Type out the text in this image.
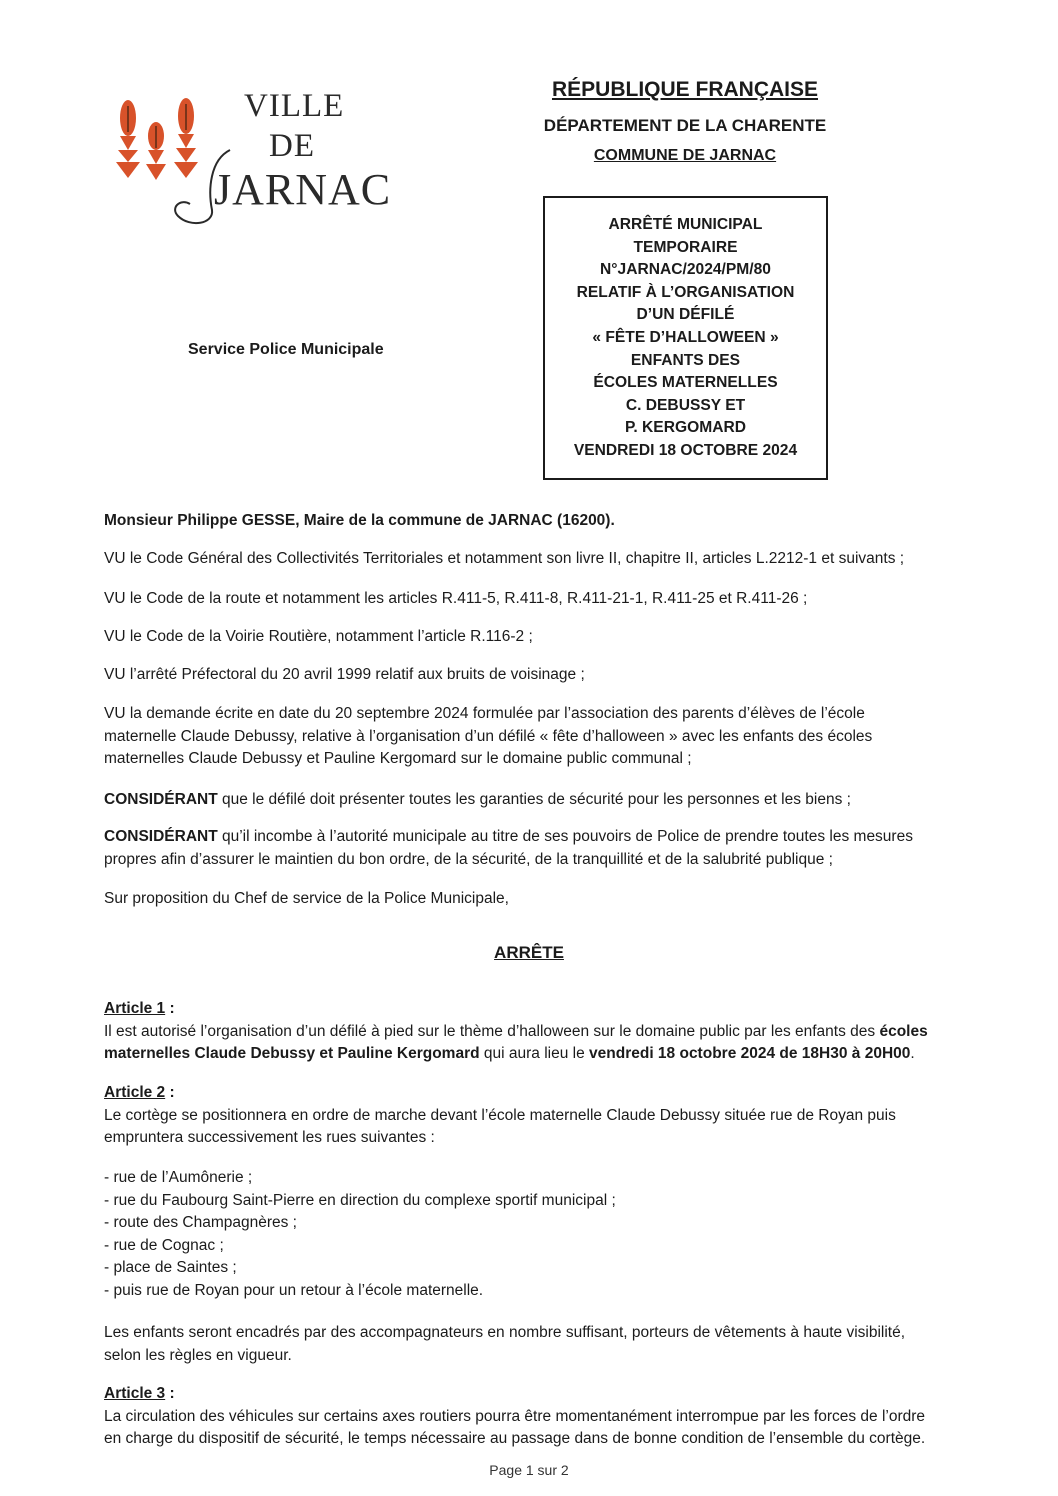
VILLE
DE
JARNAC
RÉPUBLIQUE FRANÇAISE
DÉPARTEMENT DE LA CHARENTE
COMMUNE DE JARNAC
ARRÊTÉ MUNICIPAL
TEMPORAIRE
N°JARNAC/2024/PM/80
RELATIF À L’ORGANISATION
D’UN DÉFILÉ
« FÊTE D’HALLOWEEN »
ENFANTS DES
ÉCOLES MATERNELLES
C. DEBUSSY ET
P. KERGOMARD
VENDREDI 18 OCTOBRE 2024
Service Police Municipale
Monsieur Philippe GESSE, Maire de la commune de JARNAC (16200).
VU le Code Général des Collectivités Territoriales et notamment son livre II, chapitre II, articles L.2212-1 et suivants ;
VU le Code de la route et notamment les articles R.411-5, R.411-8, R.411-21-1, R.411-25 et R.411-26 ;
VU le Code de la Voirie Routière, notamment l’article R.116-2 ;
VU l’arrêté Préfectoral du 20 avril 1999 relatif aux bruits de voisinage ;
VU la demande écrite en date du 20 septembre 2024 formulée par l’association des parents d’élèves de l’école
maternelle Claude Debussy, relative à l’organisation d’un défilé « fête d’halloween » avec les enfants des écoles
maternelles Claude Debussy et Pauline Kergomard sur le domaine public communal ;
CONSIDÉRANT que le défilé doit présenter toutes les garanties de sécurité pour les personnes et les biens ;
CONSIDÉRANT qu’il incombe à l’autorité municipale au titre de ses pouvoirs de Police de prendre toutes les mesures
propres afin d’assurer le maintien du bon ordre, de la sécurité, de la tranquillité et de la salubrité publique ;
Sur proposition du Chef de service de la Police Municipale,
ARRÊTE
Article 1 :
Il est autorisé l’organisation d’un défilé à pied sur le thème d’halloween sur le domaine public par les enfants des écoles
maternelles Claude Debussy et Pauline Kergomard qui aura lieu le vendredi 18 octobre 2024 de 18H30 à 20H00.
Article 2 :
Le cortège se positionnera en ordre de marche devant l’école maternelle Claude Debussy située rue de Royan puis
empruntera successivement les rues suivantes :
- rue de l’Aumônerie ;
- rue du Faubourg Saint-Pierre en direction du complexe sportif municipal ;
- route des Champagnères ;
- rue de Cognac ;
- place de Saintes ;
- puis rue de Royan pour un retour à l’école maternelle.
Les enfants seront encadrés par des accompagnateurs en nombre suffisant, porteurs de vêtements à haute visibilité,
selon les règles en vigueur.
Article 3 :
La circulation des véhicules sur certains axes routiers pourra être momentanément interrompue par les forces de l’ordre
en charge du dispositif de sécurité, le temps nécessaire au passage dans de bonne condition de l’ensemble du cortège.
Page 1 sur 2
